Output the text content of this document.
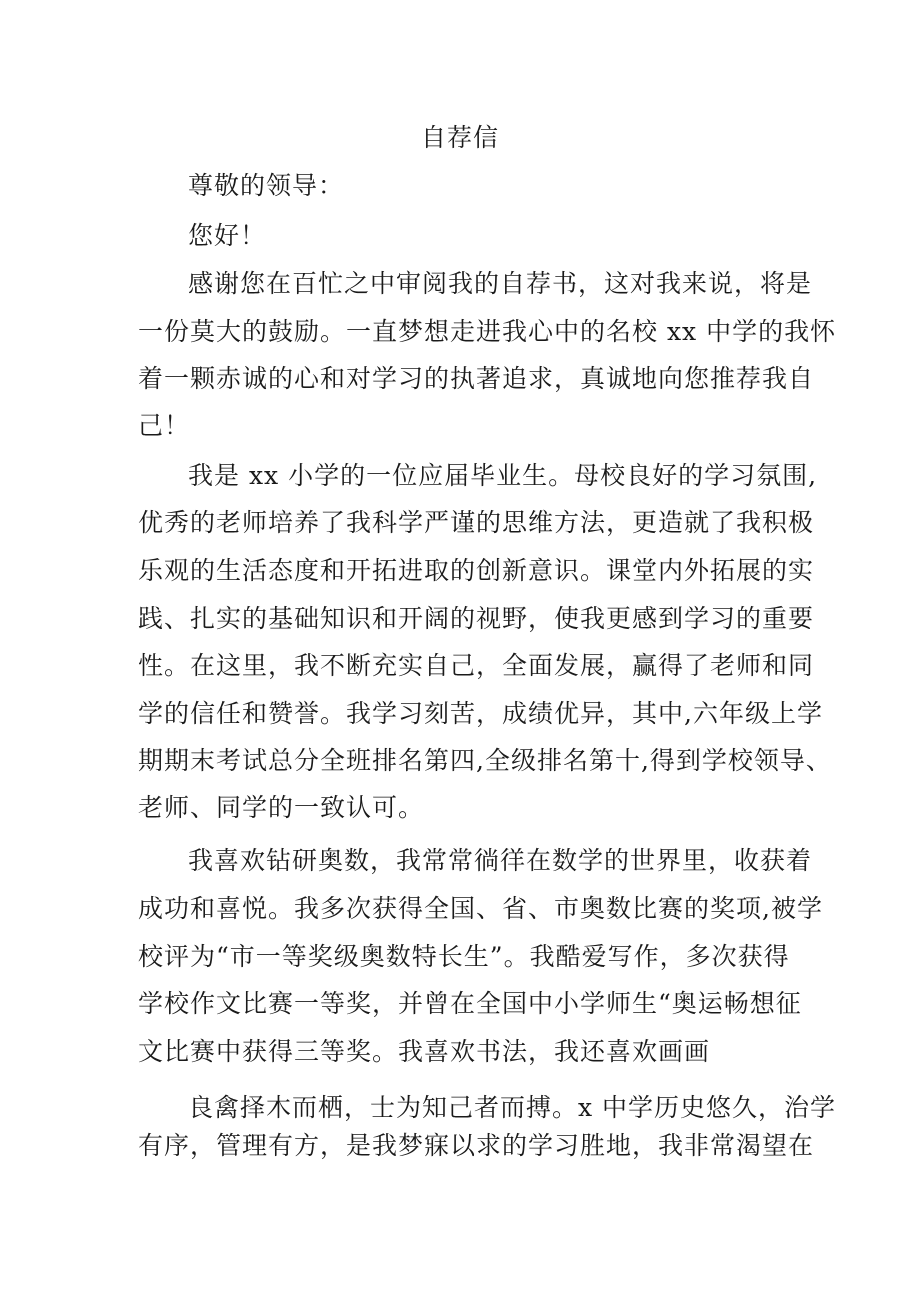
自荐信
尊敬的领导：
您好！
感谢您在百忙之中审阅我的自荐书，这对我来说，将是
一份莫大的鼓励。一直梦想走进我心中的名校 xx 中学的我怀
着一颗赤诚的心和对学习的执著追求，真诚地向您推荐我自
己！
我是 xx 小学的一位应届毕业生。母校良好的学习氛围,
优秀的老师培养了我科学严谨的思维方法，更造就了我积极
乐观的生活态度和开拓进取的创新意识。课堂内外拓展的实
践、扎实的基础知识和开阔的视野，使我更感到学习的重要
性。在这里，我不断充实自己，全面发展，赢得了老师和同
学的信任和赞誉。我学习刻苦，成绩优异，其中,六年级上学
期期末考试总分全班排名第四,全级排名第十,得到学校领导、
老师、同学的一致认可。
我喜欢钻研奥数，我常常徜徉在数学的世界里，收获着
成功和喜悦。我多次获得全国、省、市奥数比赛的奖项,被学
校评为“市一等奖级奥数特长生”。我酷爱写作，多次获得
学校作文比赛一等奖，并曾在全国中小学师生“奥运畅想征
文比赛中获得三等奖。我喜欢书法，我还喜欢画画
良禽择木而栖，士为知己者而搏。x 中学历史悠久，治学
有序，管理有方，是我梦寐以求的学习胜地，我非常渴望在
